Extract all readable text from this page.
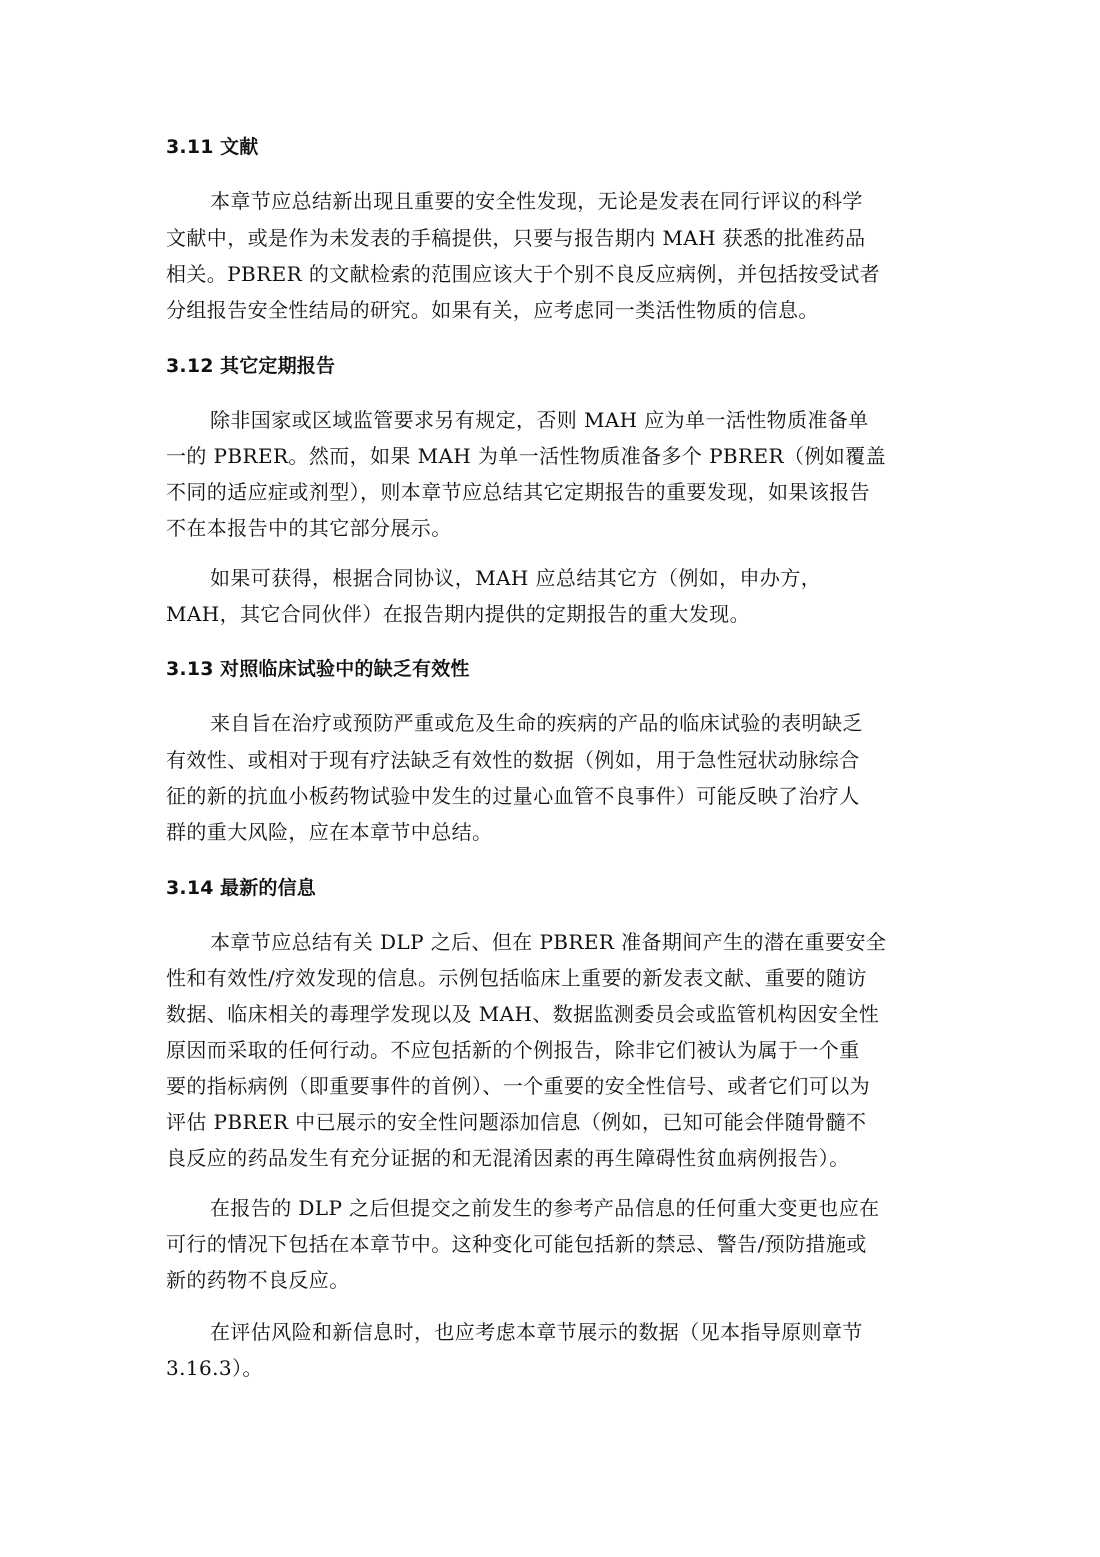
3.11 文献

本章节应总结新出现且重要的安全性发现，无论是发表在同行评议的科学

文献中，或是作为未发表的手稿提供，只要与报告期内 MAH 获悉的批准药品

相关。PBRER 的文献检索的范围应该大于个别不良反应病例，并包括按受试者

分组报告安全性结局的研究。如果有关，应考虑同一类活性物质的信息。

3.12 其它定期报告

除非国家或区域监管要求另有规定，否则 MAH 应为单一活性物质准备单

一的 PBRER。然而，如果 MAH 为单一活性物质准备多个 PBRER（例如覆盖

不同的适应症或剂型），则本章节应总结其它定期报告的重要发现，如果该报告

不在本报告中的其它部分展示。

如果可获得，根据合同协议，MAH 应总结其它方（例如，申办方，

MAH，其它合同伙伴）在报告期内提供的定期报告的重大发现。

3.13 对照临床试验中的缺乏有效性

来自旨在治疗或预防严重或危及生命的疾病的产品的临床试验的表明缺乏

有效性、或相对于现有疗法缺乏有效性的数据（例如，用于急性冠状动脉综合

征的新的抗血小板药物试验中发生的过量心血管不良事件）可能反映了治疗人

群的重大风险，应在本章节中总结。

3.14 最新的信息

本章节应总结有关 DLP 之后、但在 PBRER 准备期间产生的潜在重要安全

性和有效性/疗效发现的信息。示例包括临床上重要的新发表文献、重要的随访

数据、临床相关的毒理学发现以及 MAH、数据监测委员会或监管机构因安全性

原因而采取的任何行动。不应包括新的个例报告，除非它们被认为属于一个重

要的指标病例（即重要事件的首例）、一个重要的安全性信号、或者它们可以为

评估 PBRER 中已展示的安全性问题添加信息（例如，已知可能会伴随骨髓不

良反应的药品发生有充分证据的和无混淆因素的再生障碍性贫血病例报告）。

在报告的 DLP 之后但提交之前发生的参考产品信息的任何重大变更也应在

可行的情况下包括在本章节中。这种变化可能包括新的禁忌、警告/预防措施或

新的药物不良反应。

在评估风险和新信息时，也应考虑本章节展示的数据（见本指导原则章节

3.16.3）。
